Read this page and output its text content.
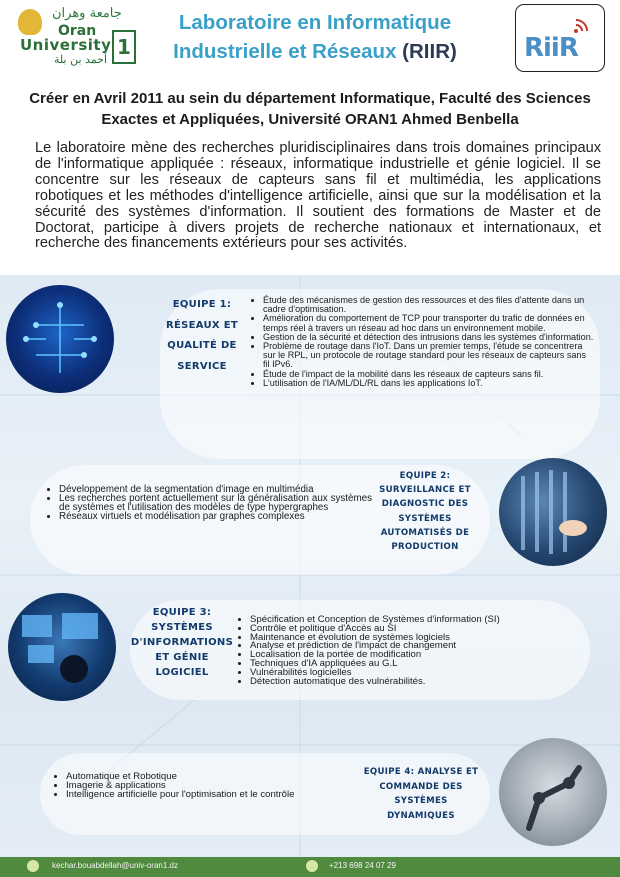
جامعة وهران
Oran
University 1
أحمد بن بلة
Laboratoire en Informatique
Industrielle et Réseaux (RIIR)	RiiR
Créer en Avril 2011 au sein du département Informatique, Faculté des Sciences Exactes et Appliquées, Université ORAN1 Ahmed Benbella
Le laboratoire mène des recherches pluridisciplinaires dans trois domaines principaux de l'informatique appliquée : réseaux, informatique industrielle et génie logiciel. Il se concentre sur les réseaux de capteurs sans fil et multimédia, les applications robotiques et les méthodes d'intelligence artificielle, ainsi que sur la modélisation et la sécurité des systèmes d'information. Il soutient des formations de Master et de Doctorat, participe à divers projets de recherche nationaux et internationaux, et recherche des financements extérieurs pour ses activités.
EQUIPE 1:
RÉSEAUX ET
QUALITÉ DE
SERVICE
• Étude des mécanismes de gestion des ressources et des files d'attente dans un cadre d'optimisation.
• Amélioration du comportement de TCP pour transporter du trafic de données en temps réel à travers un réseau ad hoc dans un environnement mobile.
• Gestion de la sécurité et détection des intrusions dans les systèmes d'information.
• Problème de routage dans l'IoT. Dans un premier temps, l'étude se concentrera sur le RPL, un protocole de routage standard pour les réseaux de capteurs sans fil IPv6.
• Étude de l'impact de la mobilité dans les réseaux de capteurs sans fil.
• L'utilisation de l'IA/ML/DL/RL dans les applications IoT.
• Développement de la segmentation d'image en multimédia
• Les recherches portent actuellement sur la généralisation aux systèmes de systèmes et l'utilisation des modèles de type hypergraphes
• Réseaux virtuels et modélisation par graphes complexes
EQUIPE 2:
SURVEILLANCE ET
DIAGNOSTIC DES
SYSTÈMES
AUTOMATISÉS DE
PRODUCTION
EQUIPE 3:
SYSTÈMES
D'INFORMATIONS
ET GÉNIE LOGICIEL
• Spécification et Conception de Systèmes d'information (SI)
• Contrôle et politique d'Accès au SI
• Maintenance et évolution de systèmes logiciels
• Analyse et prédiction de l'impact de changement
• Localisation de la portée de modification
• Techniques d'IA appliquées au G.L
• Vulnérabilités logicielles
• Détection automatique des vulnérabilités.
• Automatique et Robotique
• Imagerie & applications
• Intelligence artificielle pour l'optimisation et le contrôle
EQUIPE 4: ANALYSE ET
COMMANDE DES
SYSTÈMES
DYNAMIQUES
kechar.bouabdellah@univ-oran1.dz	+213 698 24 07 29
